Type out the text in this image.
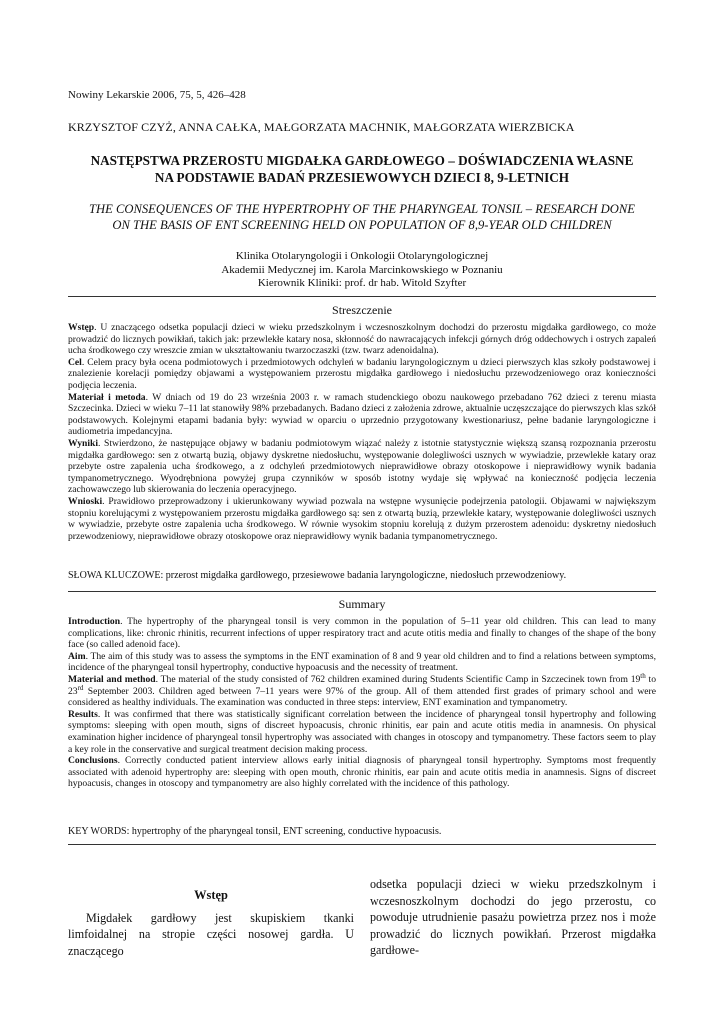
Nowiny Lekarskie 2006, 75, 5, 426–428
KRZYSZTOF CZYŻ, ANNA CAŁKA, MAŁGORZATA MACHNIK, MAŁGORZATA WIERZBICKA
NASTĘPSTWA PRZEROSTU MIGDAŁKA GARDŁOWEGO – DOŚWIADCZENIA WŁASNE
NA PODSTAWIE BADAŃ PRZESIEWOWYCH DZIECI 8, 9-LETNICH
THE CONSEQUENCES OF THE HYPERTROPHY OF THE PHARYNGEAL TONSIL – RESEARCH DONE
ON THE BASIS OF ENT SCREENING HELD ON POPULATION OF 8,9-YEAR OLD CHILDREN
Klinika Otolaryngologii i Onkologii Otolaryngologicznej
Akademii Medycznej im. Karola Marcinkowskiego w Poznaniu
Kierownik Kliniki: prof. dr hab. Witold Szyfter
Streszczenie

Wstęp. U znaczącego odsetka populacji dzieci w wieku przedszkolnym i wczesnoszkolnym dochodzi do przerostu migdałka gardłowego, co może prowadzić do licznych powikłań, takich jak: przewlekłe katary nosa, skłonność do nawracających infekcji górnych dróg oddechowych i ostrych zapaleń ucha środkowego czy wreszcie zmian w ukształtowaniu twarzoczaszki (tzw. twarz adenoidalna).

Cel. Celem pracy była ocena podmiotowych i przedmiotowych odchyleń w badaniu laryngologicznym u dzieci pierwszych klas szkoły podstawowej i znalezienie korelacji pomiędzy objawami a występowaniem przerostu migdałka gardłowego i niedosłuchu przewodzeniowego oraz konieczności podjęcia leczenia.

Materiał i metoda. W dniach od 19 do 23 września 2003 r. w ramach studenckiego obozu naukowego przebadano 762 dzieci z terenu miasta Szczecinka. Dzieci w wieku 7–11 lat stanowiły 98% przebadanych. Badano dzieci z założenia zdrowe, aktualnie uczęszczające do pierwszych klas szkół podstawowych. Kolejnymi etapami badania były: wywiad w oparciu o uprzednio przygotowany kwestionariusz, pełne badanie laryngologiczne i audiometria impedancyjna.

Wyniki. Stwierdzono, że następujące objawy w badaniu podmiotowym wiązać należy z istotnie statystycznie większą szansą rozpoznania przerostu migdałka gardłowego: sen z otwartą buzią, objawy dyskretne niedosłuchu, występowanie dolegliwości usznych w wywiadzie, przewlekłe katary oraz przebyte ostre zapalenia ucha środkowego, a z odchyleń przedmiotowych nieprawidłowe obrazy otoskopowe i nieprawidłowy wynik badania tympanometrycznego. Wyodrębniona powyżej grupa czynników w sposób istotny wydaje się wpływać na konieczność podjęcia leczenia zachowawczego lub skierowania do leczenia operacyjnego.

Wnioski. Prawidłowo przeprowadzony i ukierunkowany wywiad pozwala na wstępne wysunięcie podejrzenia patologii. Objawami w największym stopniu korelującymi z występowaniem przerostu migdałka gardłowego są: sen z otwartą buzią, przewlekłe katary, występowanie dolegliwości usznych w wywiadzie, przebyte ostre zapalenia ucha środkowego. W równie wysokim stopniu korelują z dużym przerostem adenoidu: dyskretny niedosłuch przewodzeniowy, nieprawidłowe obrazy otoskopowe oraz nieprawidłowy wynik badania tympanometrycznego.

SŁOWA KLUCZOWE: przerost migdałka gardłowego, przesiewowe badania laryngologiczne, niedosłuch przewodzeniowy.
Summary

Introduction. The hypertrophy of the pharyngeal tonsil is very common in the population of 5–11 year old children. This can lead to many complications, like: chronic rhinitis, recurrent infections of upper respiratory tract and acute otitis media and finally to changes of the shape of the bony face (so called adenoid face).

Aim. The aim of this study was to assess the symptoms in the ENT examination of 8 and 9 year old children and to find a relations between symptoms, incidence of the pharyngeal tonsil hypertrophy, conductive hypoacusis and the necessity of treatment.

Material and method. The material of the study consisted of 762 children examined during Students Scientific Camp in Szczecinek town from 19th to 23rd September 2003. Children aged between 7–11 years were 97% of the group. All of them attended first grades of primary school and were considered as healthy individuals. The examination was conducted in three steps: interview, ENT examination and tympanometry.

Results. It was confirmed that there was statistically significant correlation between the incidence of pharyngeal tonsil hypertrophy and following symptoms: sleeping with open mouth, signs of discreet hypoacusis, chronic rhinitis, ear pain and acute otitis media in anamnesis. On physical examination higher incidence of pharyngeal tonsil hypertrophy was associated with changes in otoscopy and tympanometry. These factors seem to play a key role in the conservative and surgical treatment decision making process.

Conclusions. Correctly conducted patient interview allows early initial diagnosis of pharyngeal tonsil hypertrophy. Symptoms most frequently associated with adenoid hypertrophy are: sleeping with open mouth, chronic rhinitis, ear pain and acute otitis media in anamnesis. Signs of discreet hypoacusis, changes in otoscopy and tympanometry are also highly correlated with the incidence of this pathology.

KEY WORDS: hypertrophy of the pharyngeal tonsil, ENT screening, conductive hypoacusis.
Wstęp

Migdałek gardłowy jest skupiskiem tkanki limfoidalnej na stropie części nosowej gardła. U znaczącego

odsetka populacji dzieci w wieku przedszkolnym i wczesnoszkolnym dochodzi do jego przerostu, co powoduje utrudnienie pasażu powietrza przez nos i może prowadzić do licznych powikłań. Przerost migdałka gardłowe-
